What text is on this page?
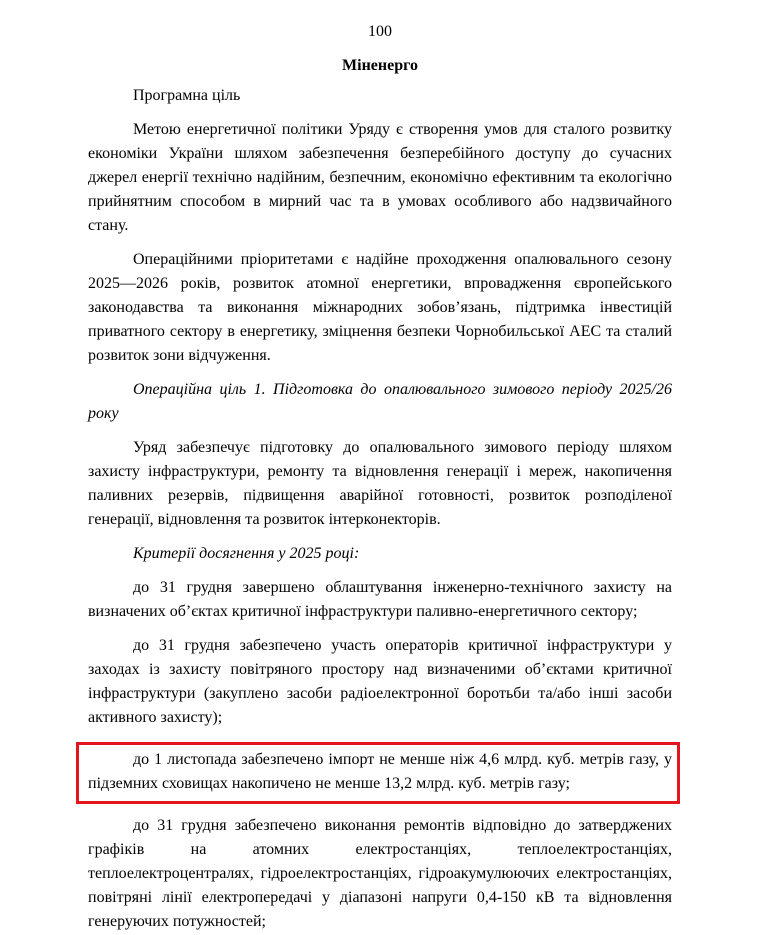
100
Міненерго

Програмна ціль

Метою енергетичної політики Уряду є створення умов для сталого розвитку економіки України шляхом забезпечення безперебійного доступу до сучасних джерел енергії технічно надійним, безпечним, економічно ефективним та екологічно прийнятним способом в мирний час та в умовах особливого або надзвичайного стану.

Операційними пріоритетами є надійне проходження опалювального сезону 2025—2026 років, розвиток атомної енергетики, впровадження європейського законодавства та виконання міжнародних зобов’язань, підтримка інвестицій приватного сектору в енергетику, зміцнення безпеки Чорнобильської АЕС та сталий розвиток зони відчуження.

Операційна ціль 1. Підготовка до опалювального зимового періоду 2025/26 року

Уряд забезпечує підготовку до опалювального зимового періоду шляхом захисту інфраструктури, ремонту та відновлення генерації і мереж, накопичення паливних резервів, підвищення аварійної готовності, розвиток розподіленої генерації, відновлення та розвиток інтерконекторів.

Критерії досягнення у 2025 році:

до 31 грудня завершено облаштування інженерно-технічного захисту на визначених об’єктах критичної інфраструктури паливно-енергетичного сектору;

до 31 грудня забезпечено участь операторів критичної інфраструктури у заходах із захисту повітряного простору над визначеними об’єктами критичної інфраструктури (закуплено засоби радіоелектронної боротьби та/або інші засоби активного захисту);

до 1 листопада забезпечено імпорт не менше ніж 4,6 млрд. куб. метрів газу, у підземних сховищах накопичено не менше 13,2 млрд. куб. метрів газу;

до 31 грудня забезпечено виконання ремонтів відповідно до затверджених графіків на атомних електростанціях, теплоелектростанціях, теплоелектроцентралях, гідроелектростанціях, гідроакумулюючих електростанціях, повітряні лінії електропередачі у діапазоні напруги 0,4-150 кВ та відновлення генеруючих потужностей;
